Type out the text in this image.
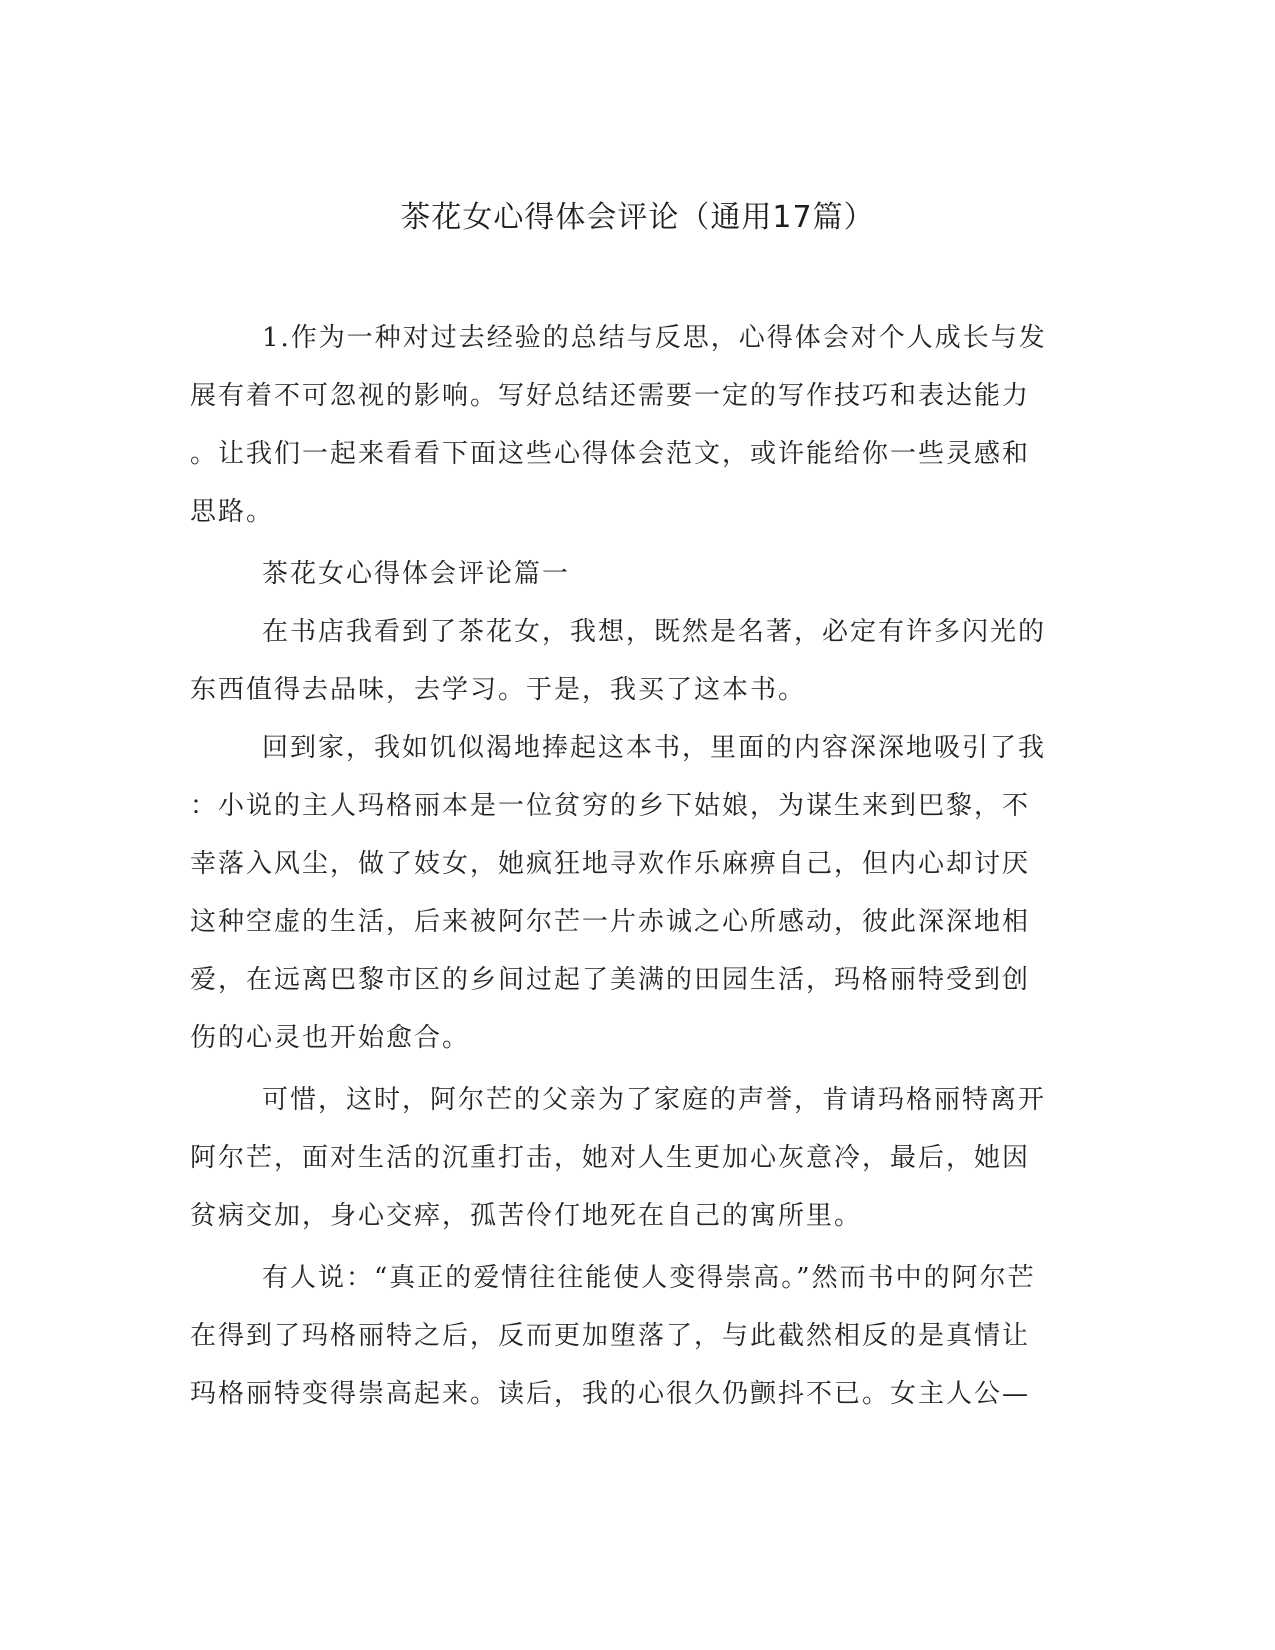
茶花女心得体会评论（通用17篇）
1.作为一种对过去经验的总结与反思，心得体会对个人成长与发
展有着不可忽视的影响。写好总结还需要一定的写作技巧和表达能力
。让我们一起来看看下面这些心得体会范文，或许能给你一些灵感和
思路。
茶花女心得体会评论篇一
在书店我看到了茶花女，我想，既然是名著，必定有许多闪光的
东西值得去品味，去学习。于是，我买了这本书。
回到家，我如饥似渴地捧起这本书，里面的内容深深地吸引了我
：小说的主人玛格丽本是一位贫穷的乡下姑娘，为谋生来到巴黎，不
幸落入风尘，做了妓女，她疯狂地寻欢作乐麻痹自己，但内心却讨厌
这种空虚的生活，后来被阿尔芒一片赤诚之心所感动，彼此深深地相
爱，在远离巴黎市区的乡间过起了美满的田园生活，玛格丽特受到创
伤的心灵也开始愈合。
可惜，这时，阿尔芒的父亲为了家庭的声誉，肯请玛格丽特离开
阿尔芒，面对生活的沉重打击，她对人生更加心灰意冷，最后，她因
贫病交加，身心交瘁，孤苦伶仃地死在自己的寓所里。
有人说：“真正的爱情往往能使人变得崇高。”然而书中的阿尔芒
在得到了玛格丽特之后，反而更加堕落了，与此截然相反的是真情让
玛格丽特变得崇高起来。读后，我的心很久仍颤抖不已。女主人公—
